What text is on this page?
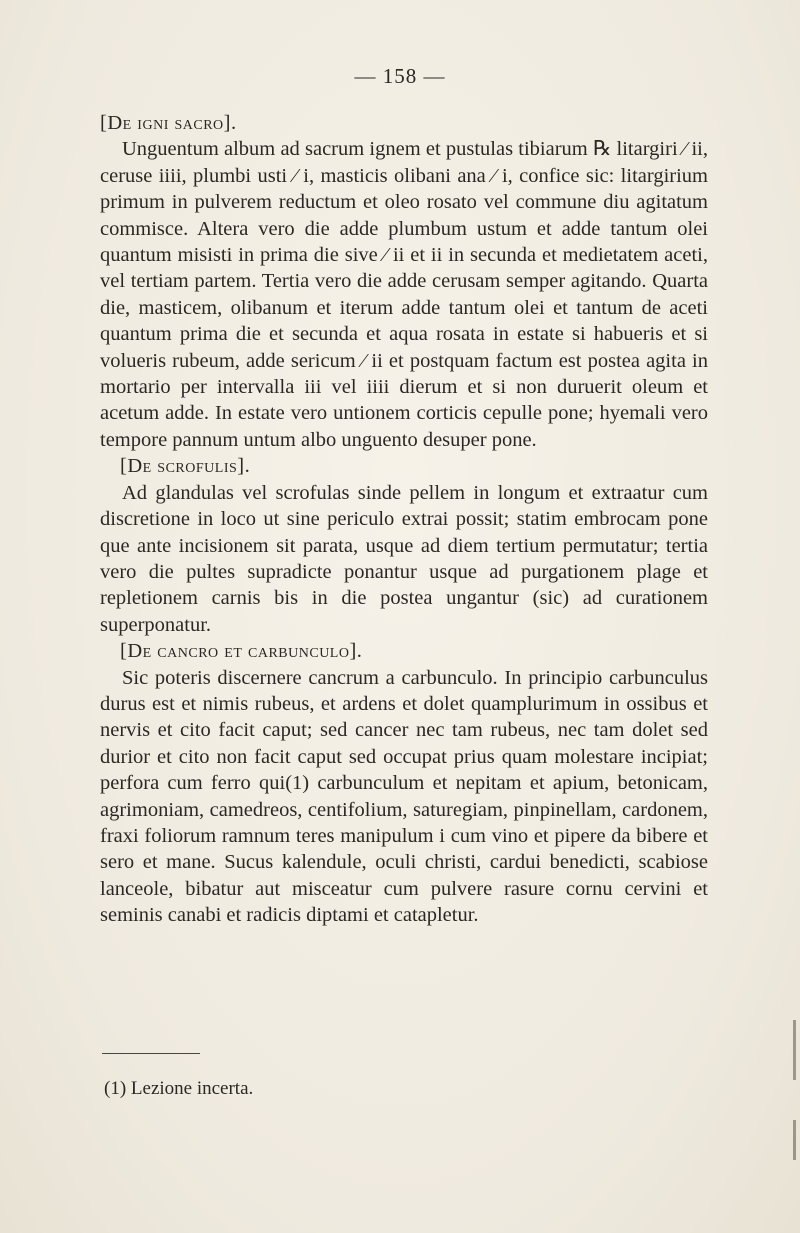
— 158 —

[De igni sacro].

Unguentum album ad sacrum ignem et pustulas tibiarum ℞ litargiri ⁄ ii, ceruse iiii, plumbi usti ⁄ i, masticis olibani ana ⁄ i, confice sic: litargirium primum in pulverem reductum et oleo rosato vel commune diu agitatum commisce. Altera vero die adde plumbum ustum et adde tantum olei quantum misisti in prima die sive ⁄ ii et ii in secunda et medietatem aceti, vel tertiam partem. Tertia vero die adde cerusam semper agitando. Quarta die, masticem, olibanum et iterum adde tantum olei et tantum de aceti quantum prima die et secunda et aqua rosata in estate si habueris et si volueris rubeum, adde sericum ⁄ ii et postquam factum est postea agita in mortario per intervalla iii vel iiii dierum et si non duruerit oleum et acetum adde. In estate vero untionem corticis cepulle pone; hyemali vero tempore pannum untum albo unguento desuper pone.

[De scrofulis].

Ad glandulas vel scrofulas sinde pellem in longum et extraatur cum discretione in loco ut sine periculo extrai possit; statim embrocam pone que ante incisionem sit parata, usque ad diem tertium permutatur; tertia vero die pultes supradicte ponantur usque ad purgationem plage et repletionem carnis bis in die postea ungantur (sic) ad curationem superponatur.

[De cancro et carbunculo].

Sic poteris discernere cancrum a carbunculo. In principio carbunculus durus est et nimis rubeus, et ardens et dolet quamplurimum in ossibus et nervis et cito facit caput; sed cancer nec tam rubeus, nec tam dolet sed durior et cito non facit caput sed occupat prius quam molestare incipiat; perfora cum ferro qui(1) carbunculum et nepitam et apium, betonicam, agrimoniam, camedreos, centifolium, saturegiam, pinpinellam, cardonem, fraxi foliorum ramnum teres manipulum i cum vino et pipere da bibere et sero et mane. Sucus kalendule, oculi christi, cardui benedicti, scabiose lanceole, bibatur aut misceatur cum pulvere rasure cornu cervini et seminis canabi et radicis diptami et catapletur.

(1) Lezione incerta.
